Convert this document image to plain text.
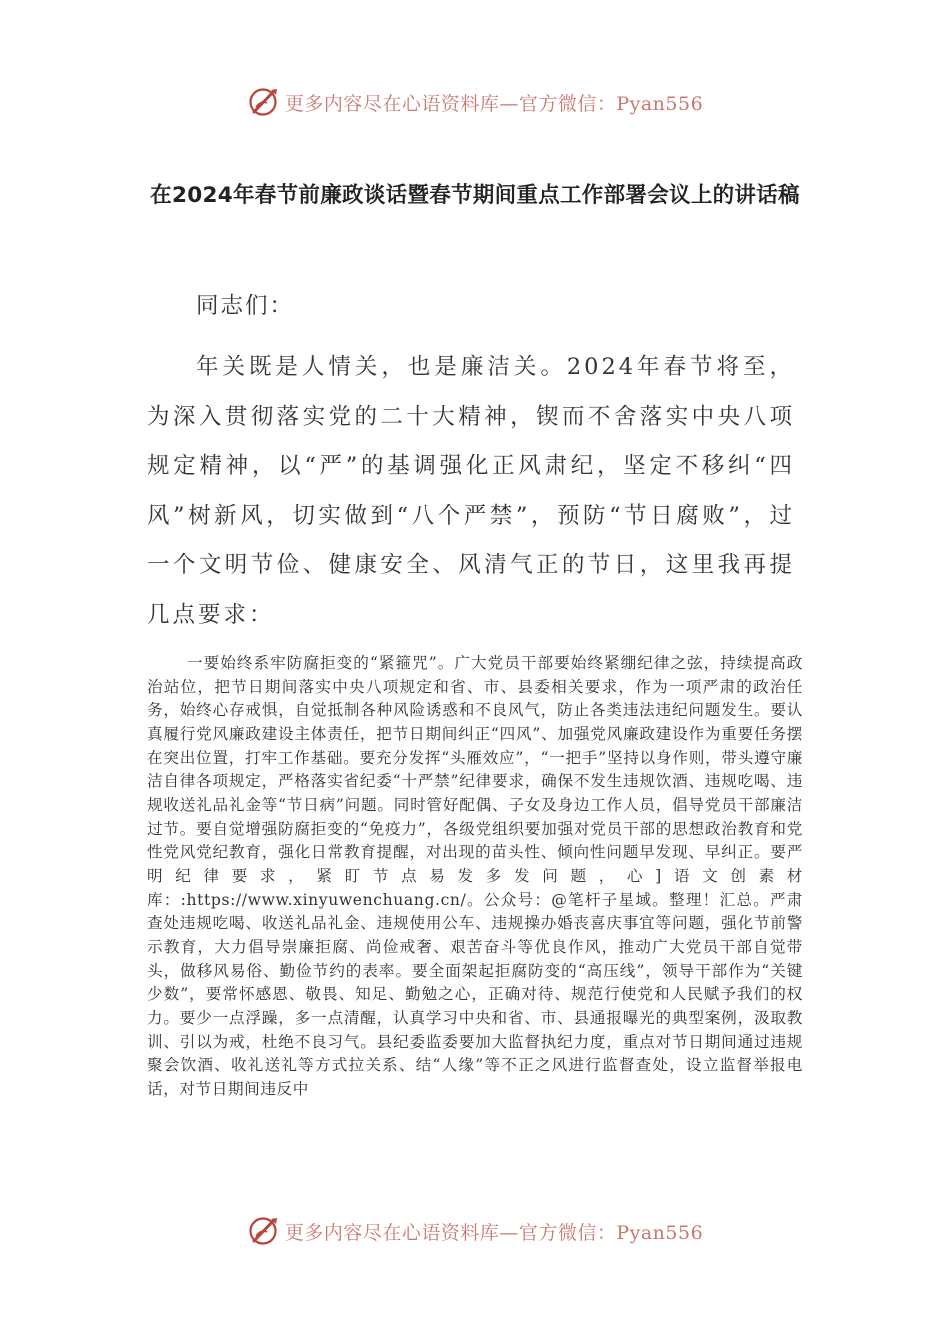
更多内容尽在心语资料库—官方微信：Pyan556
在2024年春节前廉政谈话暨春节期间重点工作部署会议上的讲话稿
同志们：

年关既是人情关，也是廉洁关。2024年春节将至，为深入贯彻落实党的二十大精神，锲而不舍落实中央八项规定精神，以“严”的基调强化正风肃纪，坚定不移纠“四风”树新风，切实做到“八个严禁”，预防“节日腐败”，过一个文明节俭、健康安全、风清气正的节日，这里我再提几点要求：

一要始终系牢防腐拒变的“紧箍咒”。广大党员干部要始终紧绷纪律之弦，持续提高政治站位，把节日期间落实中央八项规定和省、市、县委相关要求，作为一项严肃的政治任务，始终心存戒惧，自觉抵制各种风险诱惑和不良风气，防止各类违法违纪问题发生。要认真履行党风廉政建设主体责任，把节日期间纠正“四风”、加强党风廉政建设作为重要任务摆在突出位置，打牢工作基础。要充分发挥“头雁效应”，“一把手”坚持以身作则，带头遵守廉洁自律各项规定，严格落实省纪委“十严禁”纪律要求，确保不发生违规饮酒、违规吃喝、违规收送礼品礼金等“节日病”问题。同时管好配偶、子女及身边工作人员，倡导党员干部廉洁过节。要自觉增强防腐拒变的“免疫力”，各级党组织要加强对党员干部的思想政治教育和党性党风党纪教育，强化日常教育提醒，对出现的苗头性、倾向性问题早发现、早纠正。要严明纪律要求，紧盯节点易发多发问题，心]语文创素材库：:https://www.xinyuwenchuang.cn/。公众号：@笔杆子星域。整理！汇总。严肃查处违规吃喝、收送礼品礼金、违规使用公车、违规操办婚丧喜庆事宜等问题，强化节前警示教育，大力倡导崇廉拒腐、尚俭戒奢、艰苦奋斗等优良作风，推动广大党员干部自觉带头，做移风易俗、勤俭节约的表率。要全面架起拒腐防变的“高压线”，领导干部作为“关键少数”，要常怀感恩、敬畏、知足、勤勉之心，正确对待、规范行使党和人民赋予我们的权力。要少一点浮躁，多一点清醒，认真学习中央和省、市、县通报曝光的典型案例，汲取教训、引以为戒，杜绝不良习气。县纪委监委要加大监督执纪力度，重点对节日期间通过违规聚会饮酒、收礼送礼等方式拉关系、结“人缘”等不正之风进行监督查处，设立监督举报电话，对节日期间违反中

更多内容尽在心语资料库—官方微信：Pyan556
